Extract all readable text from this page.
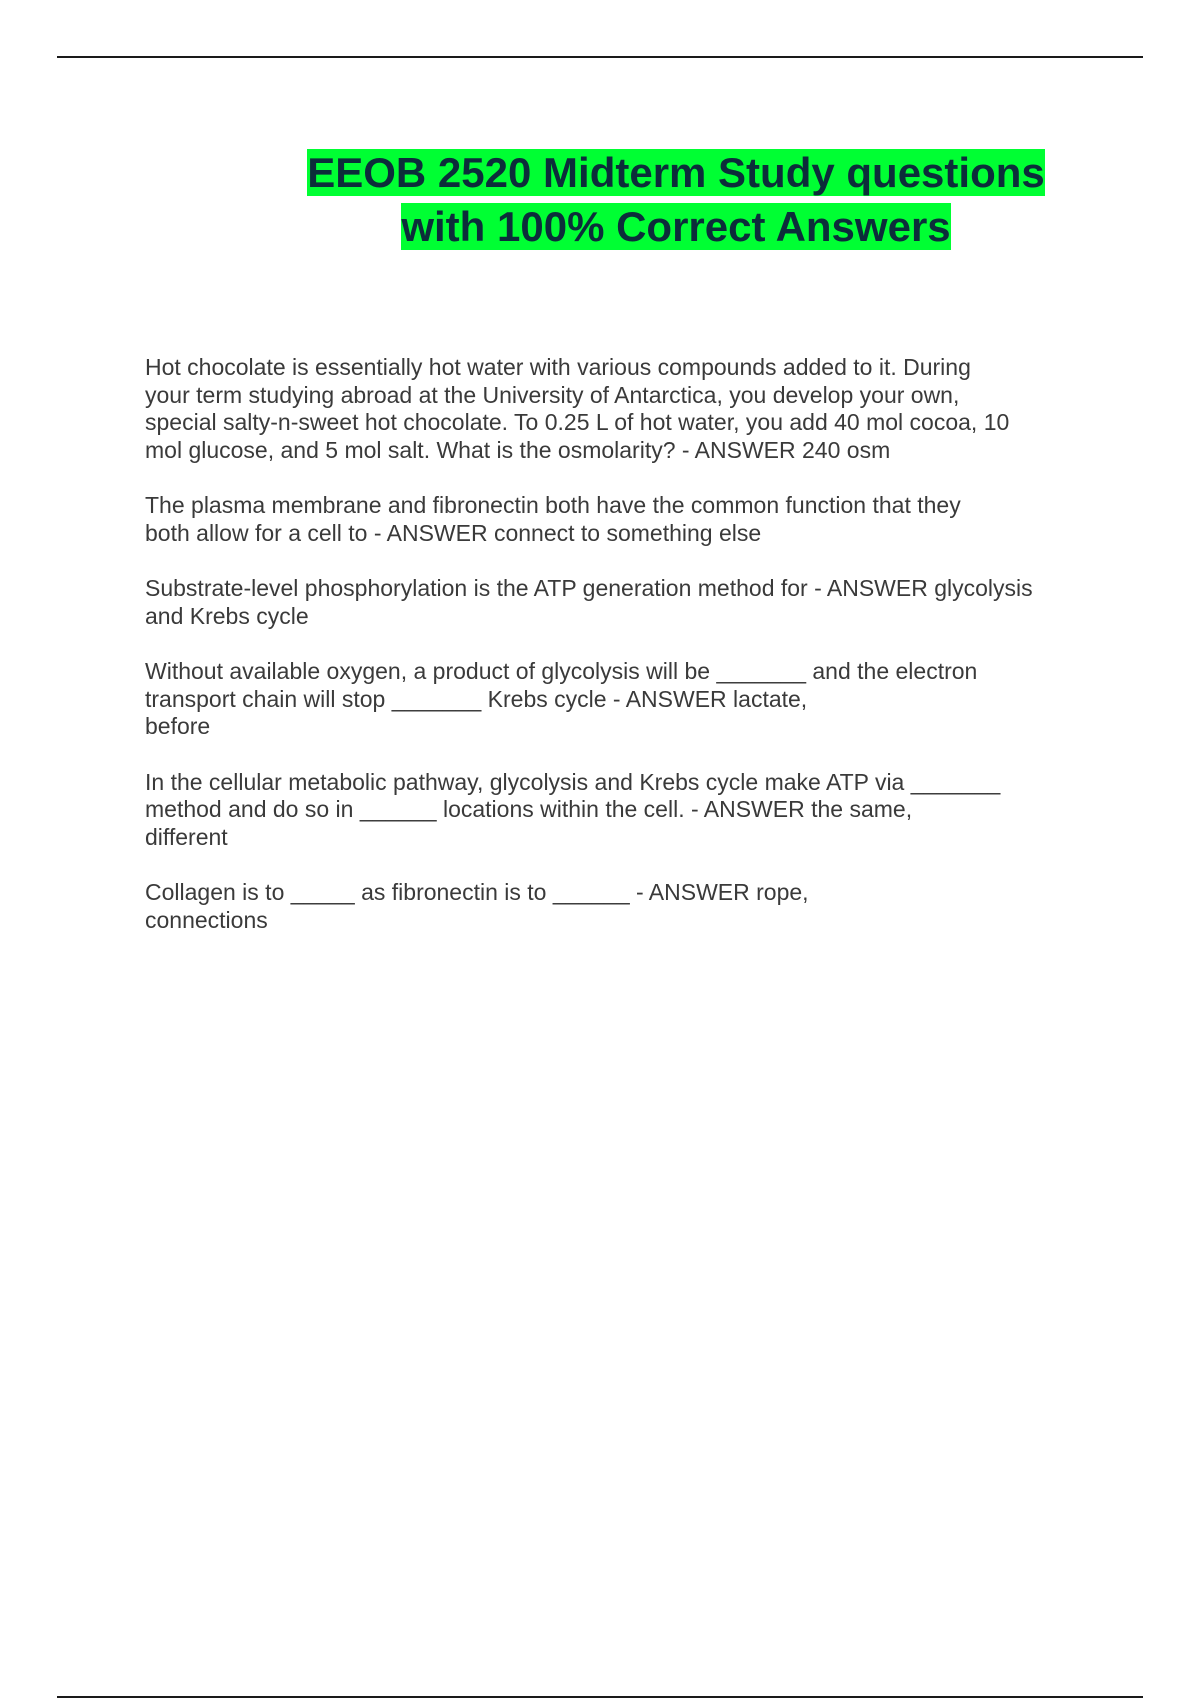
EEOB 2520 Midterm Study questions with 100% Correct Answers

Hot chocolate is essentially hot water with various compounds added to it. During
your term studying abroad at the University of Antarctica, you develop your own,
special salty-n-sweet hot chocolate. To 0.25 L of hot water, you add 40 mol cocoa, 10
mol glucose, and 5 mol salt. What is the osmolarity? - ANSWER 240 osm

The plasma membrane and fibronectin both have the common function that they
both allow for a cell to - ANSWER connect to something else

Substrate-level phosphorylation is the ATP generation method for - ANSWER glycolysis
and Krebs cycle

Without available oxygen, a product of glycolysis will be _______ and the electron
transport chain will stop _______ Krebs cycle - ANSWER lactate,
before

In the cellular metabolic pathway, glycolysis and Krebs cycle make ATP via _______
method and do so in ______ locations within the cell. - ANSWER the same,
different

Collagen is to _____ as fibronectin is to ______ - ANSWER rope,
connections
